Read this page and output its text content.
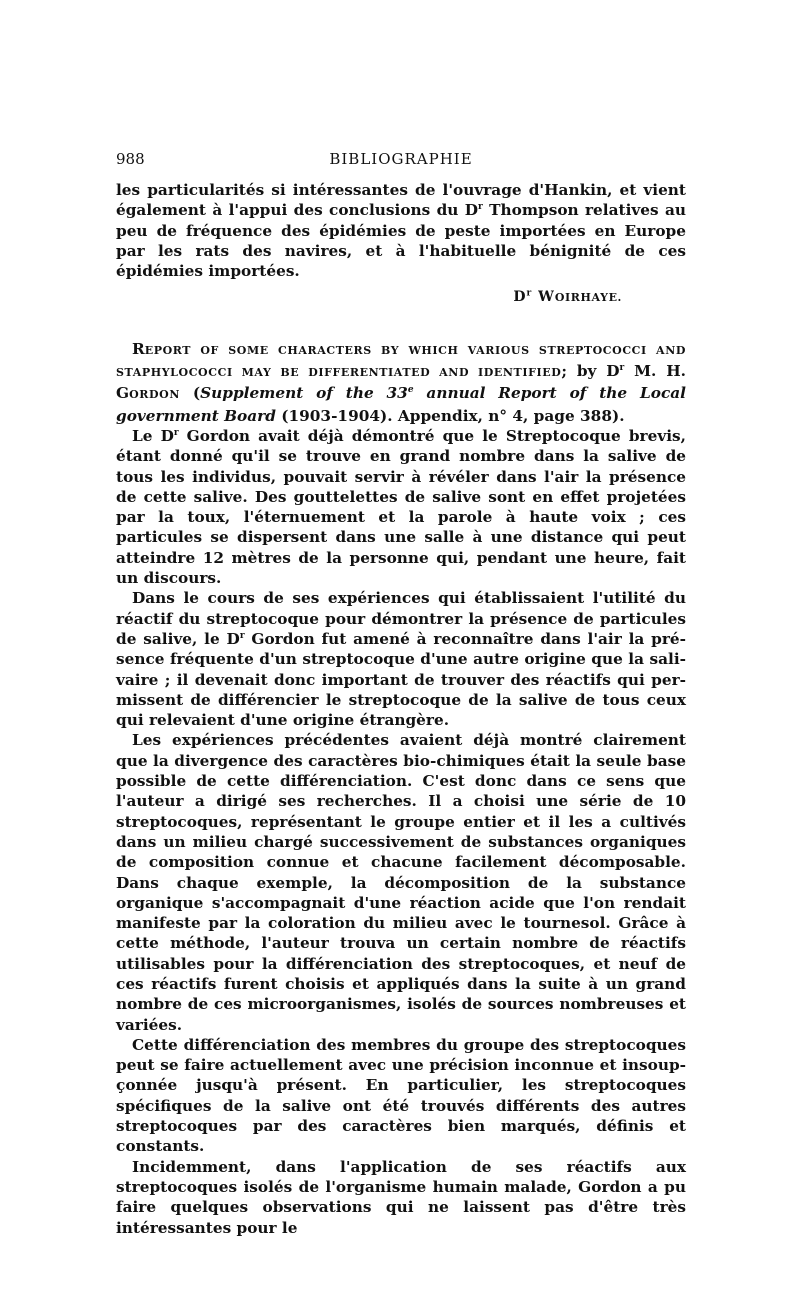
988	BIBLIOGRAPHIE

les particularités si intéressantes de l'ouvrage d'Hankin, et vient également à l'appui des conclusions du $D^r$ Thompson relatives au peu de fréquence des épidémies de peste importées en Europe par les rats des navires, et à l'habituelle bénignité de ces épidémies importées.

$D^r$ WOIRHAYE.

REPORT OF SOME CHARACTERS BY WHICH VARIOUS STREPTOCOCCI AND STAPHYLOCOCCI MAY BE DIFFERENTIATED AND IDENTIFIED; by $D^r$ M. H. GORDON (Supplement of the 33e annual Report of the Local government Board (1903-1904). Appendix, n° 4, page 388).

Le $D^r$ Gordon avait déjà démontré que le Streptocoque brevis, étant donné qu'il se trouve en grand nombre dans la salive de tous les individus, pouvait servir à révéler dans l'air la présence de cette salive. Des gouttelettes de salive sont en effet projetées par la toux, l'éternuement et la parole à haute voix ; ces particules se dispersent dans une salle à une distance qui peut atteindre 12 mètres de la personne qui, pendant une heure, fait un discours.

Dans le cours de ses expériences qui établissaient l'utilité du réactif du streptocoque pour démontrer la présence de particules de salive, le $D^r$ Gordon fut amené à reconnaître dans l'air la présence fréquente d'un streptocoque d'une autre origine que la salivaire ; il devenait donc important de trouver des réactifs qui permissent de différencier le streptocoque de la salive de tous ceux qui relevaient d'une origine étrangère.

Les expériences précédentes avaient déjà montré clairement que la divergence des caractères bio-chimiques était la seule base possible de cette différenciation. C'est donc dans ce sens que l'auteur a dirigé ses recherches. Il a choisi une série de 10 streptocoques, représentant le groupe entier et il les a cultivés dans un milieu chargé successivement de substances organiques de composition connue et chacune facilement décomposable. Dans chaque exemple, la décomposition de la substance organique s'accompagnait d'une réaction acide que l'on rendait manifeste par la coloration du milieu avec le tournesol. Grâce à cette méthode, l'auteur trouva un certain nombre de réactifs utilisables pour la différenciation des streptocoques, et neuf de ces réactifs furent choisis et appliqués dans la suite à un grand nombre de ces microorganismes, isolés de sources nombreuses et variées.

Cette différenciation des membres du groupe des streptocoques peut se faire actuellement avec une précision inconnue et insoupçonnée jusqu'à présent. En particulier, les streptocoques spécifiques de la salive ont été trouvés différents des autres streptocoques par des caractères bien marqués, définis et constants.

Incidemment, dans l'application de ses réactifs aux streptocoques isolés de l'organisme humain malade, Gordon a pu faire quelques observations qui ne laissent pas d'être très intéressantes pour le
